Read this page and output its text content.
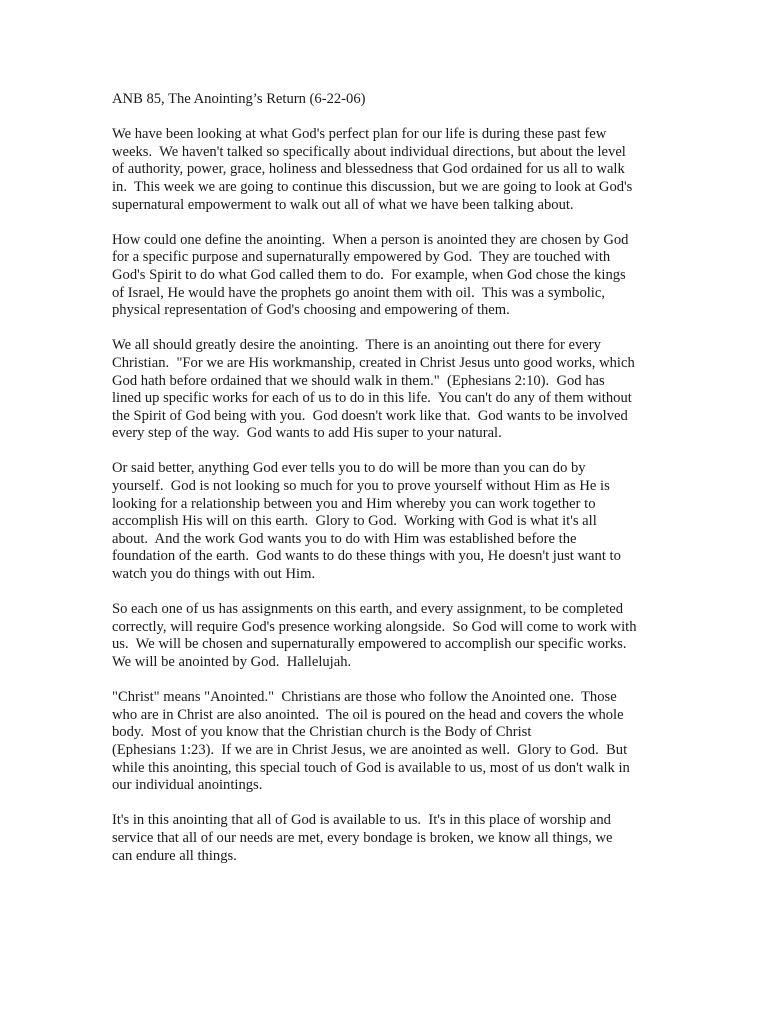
ANB 85, The Anointing’s Return (6-22-06)
We have been looking at what God's perfect plan for our life is during these past few
weeks.  We haven't talked so specifically about individual directions, but about the level
of authority, power, grace, holiness and blessedness that God ordained for us all to walk
in.  This week we are going to continue this discussion, but we are going to look at God's
supernatural empowerment to walk out all of what we have been talking about.
How could one define the anointing.  When a person is anointed they are chosen by God
for a specific purpose and supernaturally empowered by God.  They are touched with
God's Spirit to do what God called them to do.  For example, when God chose the kings
of Israel, He would have the prophets go anoint them with oil.  This was a symbolic,
physical representation of God's choosing and empowering of them.
We all should greatly desire the anointing.  There is an anointing out there for every
Christian.  "For we are His workmanship, created in Christ Jesus unto good works, which
God hath before ordained that we should walk in them."  (Ephesians 2:10).  God has
lined up specific works for each of us to do in this life.  You can't do any of them without
the Spirit of God being with you.  God doesn't work like that.  God wants to be involved
every step of the way.  God wants to add His super to your natural.
Or said better, anything God ever tells you to do will be more than you can do by
yourself.  God is not looking so much for you to prove yourself without Him as He is
looking for a relationship between you and Him whereby you can work together to
accomplish His will on this earth.  Glory to God.  Working with God is what it's all
about.  And the work God wants you to do with Him was established before the
foundation of the earth.  God wants to do these things with you, He doesn't just want to
watch you do things with out Him.
So each one of us has assignments on this earth, and every assignment, to be completed
correctly, will require God's presence working alongside.  So God will come to work with
us.  We will be chosen and supernaturally empowered to accomplish our specific works.
We will be anointed by God.  Hallelujah.
"Christ" means "Anointed."  Christians are those who follow the Anointed one.  Those
who are in Christ are also anointed.  The oil is poured on the head and covers the whole
body.  Most of you know that the Christian church is the Body of Christ
(Ephesians 1:23).  If we are in Christ Jesus, we are anointed as well.  Glory to God.  But
while this anointing, this special touch of God is available to us, most of us don't walk in
our individual anointings.
It's in this anointing that all of God is available to us.  It's in this place of worship and
service that all of our needs are met, every bondage is broken, we know all things, we
can endure all things.
